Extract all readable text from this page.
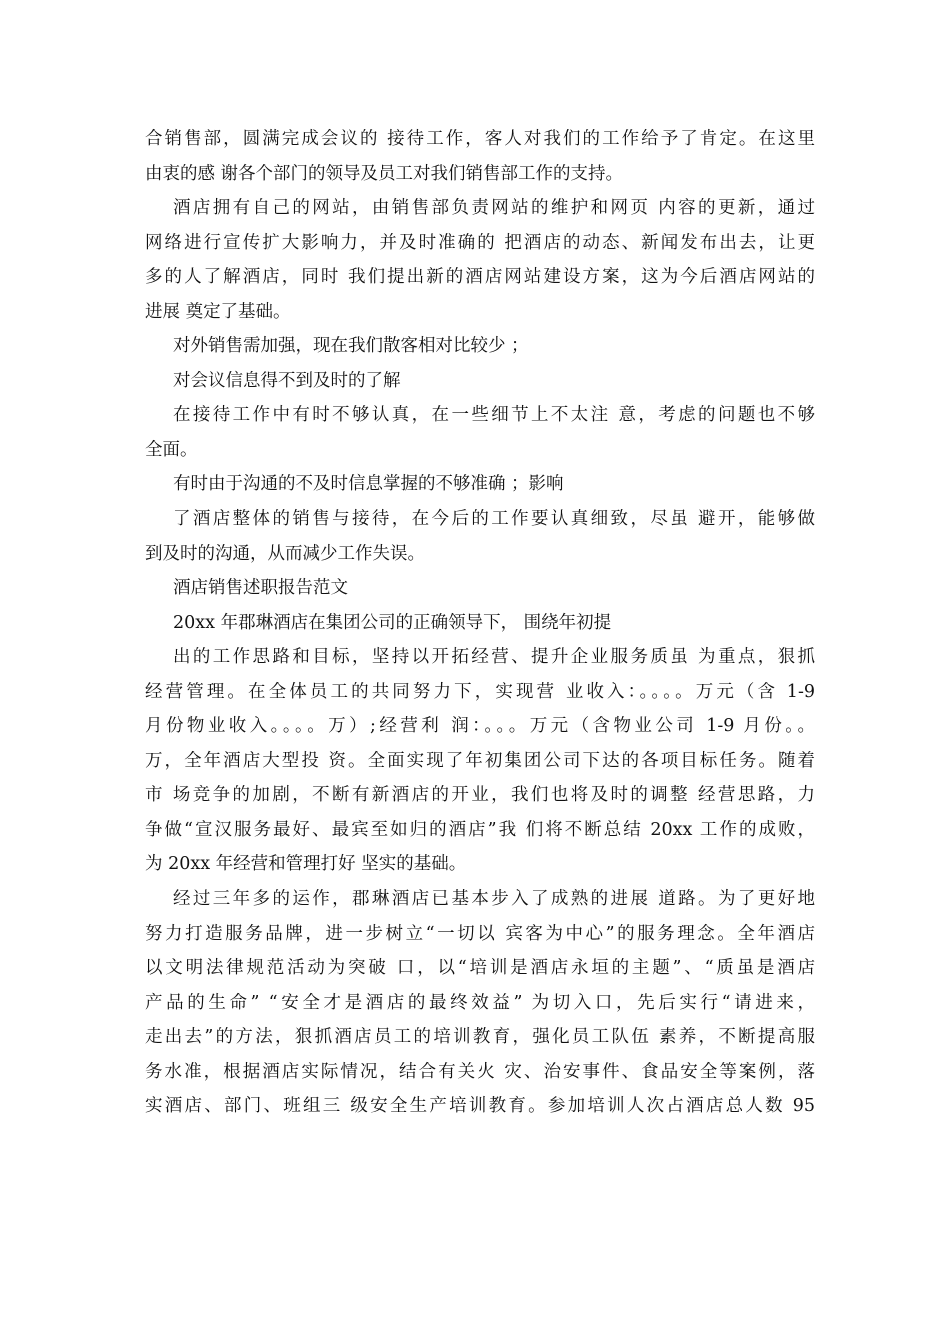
合销售部，圆满完成会议的 接待工作，客人对我们的工作给予了肯定。在这里
由衷的感 谢各个部门的领导及员工对我们销售部工作的支持。
酒店拥有自己的网站，由销售部负责网站的维护和网页 内容的更新，通过
网络进行宣传扩大影响力，并及时准确的 把酒店的动态、新闻发布出去，让更
多的人了解酒店，同时 我们提出新的酒店网站建设方案，这为今后酒店网站的
进展 奠定了基础。
对外销售需加强，现在我们散客相对比较少 ；
对会议信息得不到及时的了解
在接待工作中有时不够认真，在一些细节上不太注 意，考虑的问题也不够
全面。
有时由于沟通的不及时信息掌握的不够准确 ；影响
了酒店整体的销售与接待，在今后的工作要认真细致，尽虽 避开，能够做
到及时的沟通，从而减少工作失误。
酒店销售述职报告范文
20xx 年郡琳酒店在集团公司的正确领导下， 围绕年初提
出的工作思路和目标，坚持以开拓经营、提升企业服务质虽 为重点，狠抓
经营管理。在全体员工的共同努力下，实现营 业收入：。。。。万元（含 1-9
月份物业收入。。。。万）;经营利 润：。。。万元（含物业公司 1-9 月份。。
万，全年酒店大型投 资。全面实现了年初集团公司下达的各项目标任务。随着
市 场竞争的加剧，不断有新酒店的开业，我们也将及时的调整 经营思路，力
争做“宣汉服务最好、最宾至如归的酒店”我 们将不断总结 20xx 工作的成败，
为 20xx 年经营和管理打好 坚实的基础。
经过三年多的运作，郡琳酒店已基本步入了成熟的进展 道路。为了更好地
努力打造服务品牌，进一步树立“一切以 宾客为中心”的服务理念。全年酒店
以文明法律规范活动为突破 口，以“培训是酒店永垣的主题”、“质虽是酒店
产品的生命” “安全才是酒店的最终效益” 为切入口，先后实行“请进来，
走出去”的方法，狠抓酒店员工的培训教育，强化员工队伍 素养，不断提高服
务水准，根据酒店实际情况，结合有关火 灾、治安事件、食品安全等案例，落
实酒店、部门、班组三 级安全生产培训教育。参加培训人次占酒店总人数 95
